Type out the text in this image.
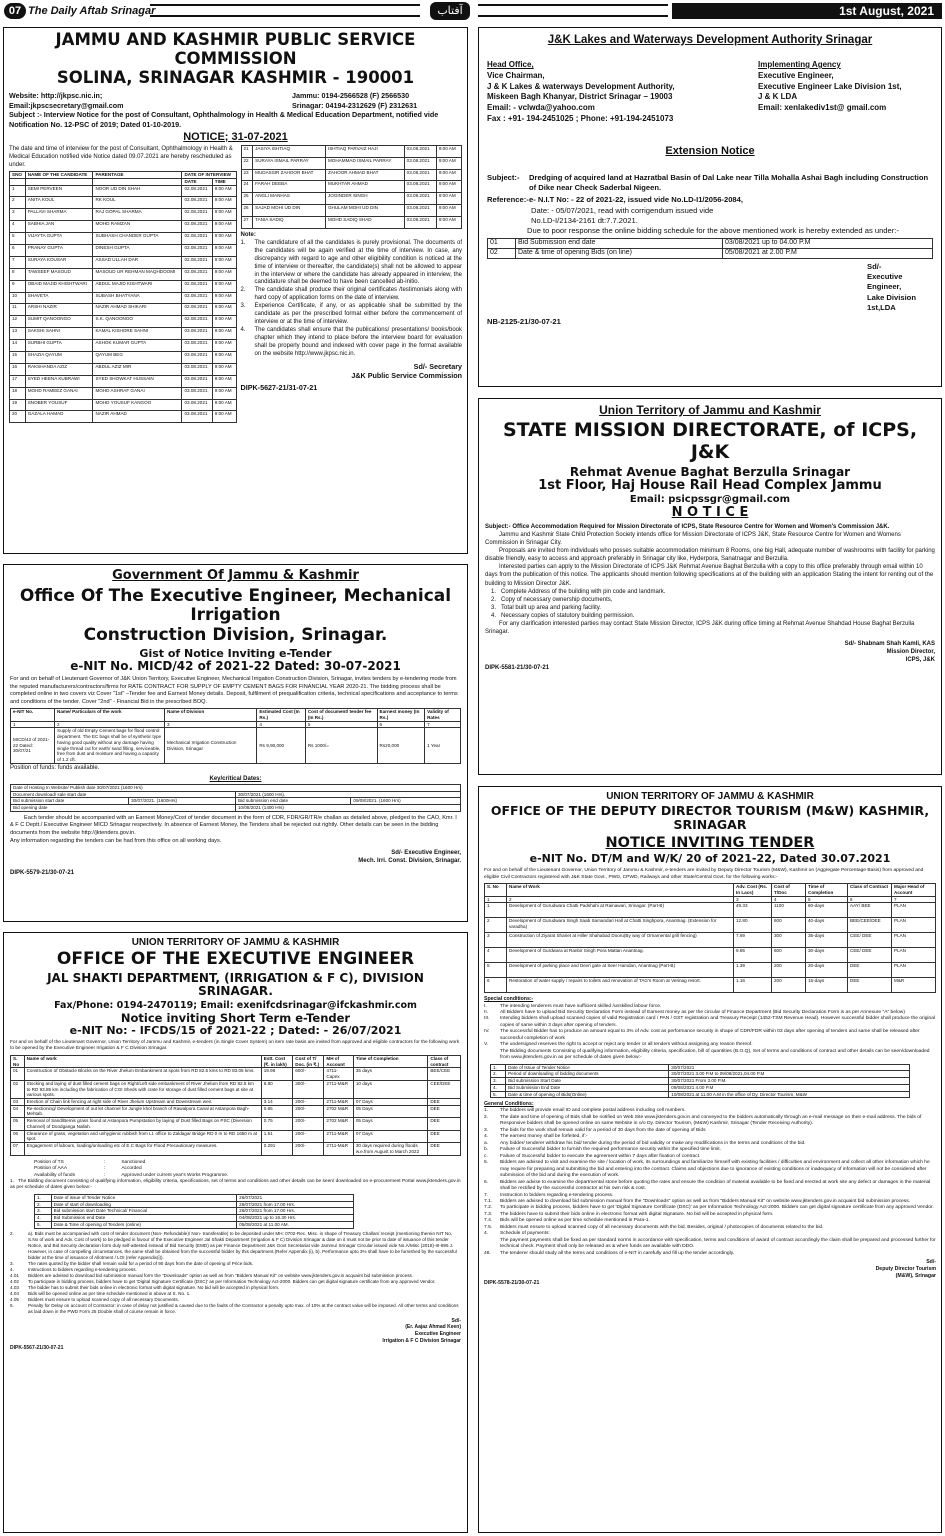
07 The Daily Aftab Srinagar	آفتاب	1st August, 2021
JAMMU AND KASHMIR PUBLIC SERVICE COMMISSION
SOLINA, SRINAGAR KASHMIR - 190001
Website: http://jkpsc.nic.in;	Jammu: 0194-2566528 (F) 2566530
Email:jkpscsecretary@gmail.com	Srinagar: 04194-2312629 (F) 2312631
Subject :- Interview Notice for the post of Consultant, Ophthalmology in Health & Medical Education Department, notified vide Notification No. 12-PSC of 2019; Dated 01-10-2019.
NOTICE; 31-07-2021
The date and time of interview for the post of Consultant, Ophthalmology in Health & Medical Education notified vide Notice dated 09.07.2021 are hereby rescheduled as under.
SNO	NAME OF THE CANDIDATE	PARENTAGE	DATE OF INTERVIEW	
			DATE	TIME
1	SEMI PERVEEN	NOOR UD DIN SHAH	02.08.2021	9:00 AM
2	ANITA KOUL	RK KOUL	02.08.2021	9:00 AM
3	PALLAVI SHARMA	RAJ GOPAL SHARMA	02.08.2021	9:00 AM
4	SABHIA JAN	MOHD RAMZAN	02.08.2021	9:00 AM
5	VIJAYTA GUPTA	SUBHASH CHANDER GUPTA	02.08.2021	9:00 AM
6	PRANAY GUPTA	DINESH GUPTA	02.08.2021	9:00 AM
7	SURAYA KOUSAR	ASSAD ULLAH DAR	02.08.2021	9:00 AM
8	TAWSEEF MASOUD	MASOUD UR REHMAN MAQHDOOMI	02.08.2021	9:00 AM
9	OBAID MAJID KHISHTWARI	ABDUL MAJID KISHTWARI	02.08.2021	9:00 AM
10	SHAVETA	SUBASH BHATYANA	02.08.2021	9:00 AM
11	ARSHI NAZIR	NAZIR AHMAD SHIKARI	02.08.2021	9:00 AM
12	SUMIT QANOONGO	S.K. QANOONGO	02.08.2021	9:00 AM
13	SAKSHI SAHNI	KAMAL KISHORE SAHNI	03.08.2021	9:00 AM
14	SURBHI GUPTA	ASHOK KUMAR GUPTA	03.08.2021	9:00 AM
15	SHAZIA QAYUM	QAYUM BEG	03.08.2021	9:00 AM
16	RAKSHANDA AZIZ	ABDUL AZIZ MIR	03.08.2021	9:00 AM
17	SYED HEENA KUBRAWI	SYED SHOWKAT HUSSAIN	03.08.2021	9:00 AM
18	MOHD RAMEEZ GANAI	MOHD ASHRAF GANAI	03.08.2021	9:00 AM
19	SNOBER YOUSUF	MOHD YOUSUF KANGOO	03.08.2021	9:00 AM
20	GAZALA HAMAD	NAZIR AHMAD	03.08.2021	9:00 AM
21	JASIYA ISHTIAQ	ISHTIAQ PARVAIZ HAJI	03.08.2021	9:00 AM
22	SURAYA ISMAIL PARRAY	MOHAMMAD ISMAIL PARRAY	03.08.2021	9:00 AM
23	MUDASSIR ZAHOOR BHAT	ZAHOOR AHMAD BHAT	03.08.2021	9:00 AM
24	FARAH DEEBA	MUKHTAR AHMAD	03.08.2021	9:00 AM
25	ANGLI MANHAS	JOGINDER SINGH	03.08.2021	9:00 AM
26	SAJAD MOHI UD DIN	GHULAM MOHI UD DIN	03.08.2021	9:00 AM
27	TANIA SADIQ	MOHD SADIQ SHAD	03.08.2021	9:00 AM
Note:
1.	The candidature of all the candidates is purely provisional. The documents of the candidates will be again verified at the time of interview. In case, any discrepancy with regard to age and other eligibility condition is noticed at the time of interview or thereafter, the candidate(s) shall not be allowed to appear in the interview or where the candidate has already appeared in interview, the candidature shall be deemed to have been cancelled ab-initio.
2.	The candidate shall produce their original certificates /testimonials along with hard copy of application forms on the date of interview.
3.	Experience Certificate, if any, or as applicable shall be submitted by the candidate as per the prescribed format either before the commencement of interview or at the time of interview.
4.	The candidates shall ensure that the publications/ presentations/ books/book chapter which they intend to place before the interview board for evaluation shall be properly bound and indexed with cover page in the format available on the website http://www.jkpsc.nic.in.
Sd/- Secretary
J&K Public Service Commission
DIPK-5627-21/31-07-21
J&K Lakes and Waterways Development Authority Srinagar
Head Office,
Vice Chairman,
J & K Lakes & waterways Development Authority,
Miskeen Bagh Khanyar, District Srinagar – 19003
Email: - vclwda@yahoo.com
Fax : +91- 194-2451025 ; Phone: +91-194-2451073
Implementing Agency
Executive Engineer,
Executive Engineer Lake Division 1st,
J & K LDA
Email: xenlakediv1st@ gmail.com
Extension Notice
Subject:-	Dredging of acquired land at Hazratbal Basin of Dal Lake near Tilla Mohalla Ashai Bagh including Construction of Dike near Check Saderbal Nigeen.
Reference:- e- N.I.T No: - 22 of 2021-22, issued vide No.LD-I1/2056-2084,
Date: - 05/07/2021, read with corrigendum issued vide
No.LD-I/2134-2161 dt:7.7.2021.
Due to poor response the online bidding schedule for the above mentioned work is hereby extended as under:-
01	Bid Submission end date	03/08/2021 up to 04.00 P.M
02	Date & time of opening Bids (on line)	05/08/2021 at 2.00 P.M
Sd/-
Executive Engineer,
Lake Division 1st,LDA
NB-2125-21/30-07-21
Union Territory of Jammu and Kashmir
STATE MISSION DIRECTORATE, of ICPS, J&K
Rehmat Avenue Baghat Berzulla Srinagar
1st Floor, Haj House Rail Head Complex Jammu
Email: psicpssgr@gmail.com
N O T I C E
Subject:- Office Accommodation Required for Mission Directorate of ICPS, State Resource Centre for Women and Women's Commission J&K.
Jammu and Kashmir State Child Protection Society intends office for Mission Directorate of ICPS J&K, State Resource Centre for Women and Womens Commission in Srinagar City.
Proposals are invited from individuals who posses suitable accommodation minimum 8 Rooms, one big Hall, adequate number of washrooms with facility for parking disable friendly, easy to access and approach preferably in Srinagar city like, Hyderpora, Sanatnagar and Berzulla.
Interested parties can apply to the Mission Directorate of ICPS J&K Rehmat Avenue Baghat Berzulla with a copy to this office preferably through email within 10 days from the publication of this notice. The applicants should mention following specifications at of the building with an application Stating the intent for renting out of the building to Mission Director J&K.
1.   Complete Address of the building with pin code and landmark.
2.   Copy of necessary ownership documents,
3.   Total built up area and parking facility.
4.   Necessary copies of statutory building permission.
For any clarification interested parties may contact State Mission Director, ICPS J&K during office timing at Rehmat Avenue Shahdad House Baghat Berzulla Srinagar.
Sd/- Shabnam Shah Kamli, KAS
Mission Director,
ICPS, J&K
DIPK-5581-21/30-07-21
Government Of Jammu & Kashmir
Office Of The Executive Engineer, Mechanical Irrigation
Construction Division, Srinagar.
Gist of Notice Inviting e-Tender
e-NIT No. MICD/42 of 2021-22 Dated: 30-07-2021
For and on behalf of Lieutenant Governor of J&K Union Territory, Executive Engineer, Mechanical Irrigation Construction Division, Srinagar, invites tenders by e-tendering mode from the reputed manufacturers/contractors/firms for RATE CONTRACT FOR SUPPLY OF EMPTY CEMENT BAGS FOR FINANCIAL YEAR 2020-21. The bidding process shall be completed online in two covers viz Cover "1st" –Tender fee and Earnest Money details. Deposit, fulfilment of prequalification criteria, technical specifications and acceptance to terms and conditions of the tender. Cover "2nd" - Financial Bid in the prescribed BOQ.
e-NIT No.	Name/ Particulars of the work	Name of Division	Estimated Cost (In Rs.)	Cost of document/ tender fee (In Rs.)	Earnest money (In Rs.)	Validity of Rates
1	2	3	4	5	6	7
MICD/42 of 2021-22 Dated: 30/07/21	Supply of old Empty Cement bags for flood control department. The EC bags shall be of synthetic type having good quality without any damage having single thread cut for earth/ sand filling, serviceable, free from dust and moisture and having a capacity of 1.2 cft.	Mechanical Irrigation Construction Division, Srinagar	Rs 9,90,000	Rs 1000/=	Rs20,000	1 Year
Position of funds: funds available.
Key/critical Dates:
Date of Hosting In Website/ Publish date 30/07/2021 (1600 Hrs)			
Document download/ sale start date		30/07/2021 (1600 Hrs).	
Bid submission start date	30/07/2021. (1600Hrs)	Bid submission end date	09/08/2021. (1600 Hrs)
Bid opening date		10/08/2021 (1400 Hrs)	
Each tender should be accompanied with an Earnest Money/Cost of tender document in the form of CDR, FDR/GR/TR/e challan as detailed above, pledged to the CAO, Kmr. I & F C Deptt./ Executive Engineer MICD Srinagar respectively. In absence of Earnest Money, the Tenders shall be rejected out rightly. Other details can be seen in the bidding documents from the website http://jktenders.gov.in.
Any information regarding the tenders can be had from this office on all working days.
Sd/- Executive Engineer,
Mech. Irri. Const. Division, Srinagar.
DIPK-5579-21/30-07-21
UNION TERRITORY OF JAMMU & KASHMIR
OFFICE OF THE EXECUTIVE ENGINEER
JAL SHAKTI DEPARTMENT, (IRRIGATION & F C), DIVISION SRINAGAR.
Fax/Phone: 0194-2470119; Email: exenifcdsrinagar@ifckashmir.com
Notice inviting Short Term e-Tender
e-NIT No: - IFCDS/15 of 2021-22 ; Dated: - 26/07/2021
For and on behalf of the Lieutenant Governor, Union Territory of Jammu and Kashmir, e-tenders (in Single Cover System) on item rate basis are invited from approved and eligible contractors for the following work to be opened by the Executive Engineer Irrigation & F C Division Srinagar.
S. No	Name of work	Estt. Cost (₹. in lakh)	Cost of T/ Doc. (in ₹.)	MH of Account	Time of Completion	Class of contract
01	Construction of Obstacle Blocks on the River Jhelum Embankment at spots from RD 82.5 kms to RD 83.05 kms.	19.98	600/-	4711-Capex	35 days	BEE/CEE
02	Stocking and laying of dust filled cement bags on Right/Left side embankment of River Jhelum from RD 82.5 km to RD 93.85 km including the fabrication of CGI Sheds with crate for storage of dust filled cement bags at site at various spots.	6.80	300/-	2711-M&R	10 days	CEE/DEE
03	Erection of Chain link fencing at right side of River Jhelum Upstream and Downstream weir.	3.14	200/-	2711-M&R	07 Days	DEE
04	Re-sectioning/ Development of out let channel for Jungle khol branch of Rawalpora Canal at Astanpora Bagh-Mehtab.	0.65	200/-	2702 M&R	05 Days	DEE
05	Removal of Sand/Bemis grass found at Astanpora Pumpstation by laying of Dust filled Bags on PSC (Diversion Channel) of Doodganga Nallah.	0.75	200/-	2702 M&R	05 Days	DEE
06	Clearance of grass, vegetation and unhygienic rubbish from Lt. office to Zaldagar Bridge RD 0 m to RD 1650 m at spot.	1.51	200/-	2711-M&R	07 Days	DEE
07	Engagement of labours, loading/unloading etc of E.C Bags for Flood Precautionary measures.	0.291	200/-	2711-M&R	30 days required during floods w.e.from August to March 2022	DEE
Position of TS	:	Sanctioned
Position of AAA	:	Accorded
Availability of funds	:	Approved under current year's Works Programme.
1.   The Bidding document consisting of qualifying information, eligibility criteria, specifications, set of terms and conditions and other details can be seen/ downloaded on e-procurement Portal www.jktenders.gov.in as per schedule of dates given below:-
1.	Date of issue of Tender Notice	26/07/2021
2.	Date of start of downloading	26/07/2021 from 17.00 Hrs.
3.	Bid submission start Date Technical/ Financial	26/07/2021 from 17.00 Hrs.
4.	Bid Submission end Date	04/08/2021 up to 16.30 Hrs.
5.	Date & Time of opening of Tenders (online)	05/08/2021 at 11.00 AM.
2.	a). Bids must be accompanied with cost of tender document (Non- Refundable)/ Non- transferable) to be deposited under MH: 0702-Rec. Misc. in shape of Treasury Challan/ receipt (mentioning therein NIT No, S.No of work and Adv. Cost of work) to be pledged in favour of the Executive Engineer Jal Shakti Department (Irrigation & F C) Division Srinagar & date on it must not be prior to date of issuance of this tender Notice, and Bid Security declaration form duly self-attested instead of Bid Security (EMD) as per Finance Department J&K Govt Secretariat vide Jammu/ Srinagar Circular issued vide No.A/Misc (2018)-III-895 J. However, in case of compelling circumstances, the same shall be obtained from the successful bidder by this department.(Refer Appendix (i), b). Performance upto 3% shall have to be furnished by the successful bidder at the time of issuance of Allotment / LOI (refer Appendix(i)).
3.	The rates quoted by the bidder shall remain valid for a period of 90 days from the date of opening of Price bids.
4.	Instructions to bidders regarding e-tendering process.
4.01	Bidders are advised to download bid submission manual form the "Downloads" option as well as from "Bidders Manual Kit" on website www.jktenders.gov.in acquaint bid submission process.
4.02	To participate in bidding process, bidders have to get 'Digital Signature Certificate (DSC)' as per Information Technology Act-2000. Bidders can get digital signature certificate from any approved Vendor.
4.03	The bidder has to submit their bids online in electronic format with digital signature. No bid will be accepted in physical form.
4.04	Bids will be opened online as per time schedule mentioned in above at S. No. 1.
4.05	Bidders must ensure to upload scanned copy of all necessary Documents.
5.	Penalty for Delay on account of Contractor: in case of delay not justified & caused due to the faults of the Contractor a penalty upto max. of 10% at the contract value will be imposed. All other terms and conditions as laid down in the PWD Form 25 Double shall of course remain in force.
Sd/-
(Er. Aajaz Ahmad Keen)
Executive Engineer
Irrigation & F C Division Srinagar
DIPK-5567-21/30-07-21
UNION TERRITORY OF JAMMU & KASHMIR
OFFICE OF THE DEPUTY DIRECTOR TOURISM (M&W) KASHMIR, SRINAGAR
NOTICE INVITING TENDER
e-NIT No. DT/M and W/K/ 20 of 2021-22, Dated 30.07.2021
For and on behalf of the Lieutenant Governor, Union Territory of Jammu & Kashmir, e-tenders are invited by Deputy Director Tourism (M&W), Kashmir on (Aggregate Percentage Basis) from approved and eligible Civil Contractors registered with J&K State Govt., PWD, CPWD, Railways and other State/Central Govt. for the following works:-
S. No	Name of Work	Adv. Cost (Rs. In Lacs)	Cost of T/Doc	Time of Completion	Class of Contract	Major Head of Account
1	2	3	4	5	6	7
1	Development of Gurudwara Chatti Padshahi at Rainawari, Srinagar. (Part-B)	49.33	1100	60-days	AAY/ BEE	PLAN
2	Development of Gurudwara Singh Saab Samandari Hall at Chatti Singhpora, Anantnag. (Extension for varadha)	12.80	600	40-days	BEE/CEE/DEE	PLAN
3	Construction of Ziyarat Shariet at Hiller Shahabad Dooru(By way of Ornamental grill fencing)	7.69	300	35-days	CEE/ DEE	PLAN
4	Development of Gurdwara at Ranbir Singh Pora Mattan Anantnag.	9.85	600	30-days	CEE/ DEE	PLAN
5	Development of parking place and Devri gate at Seer Hamdan, Anantnag (Part-B)	1.39	200	20-days	DEE	PLAN
6	Restoration of water supply / repairs to toilets and renovation of TAG's Room at Verinag resort.	1.16	200	15-days	DEE	M&R
Special conditions:-
I.	The intending tenderers must have sufficient skilled /unskilled labour force.
II.	All Bidders have to upload Bid Security Declaration Form instead of Earnest money as per the circular of Finance Department (Bid Security Declaration Form is as per Annexure "A" below)
III.	Intending bidders shall upload scanned copies of valid Registration card / PAN / GST registration and Treasury Receipt (1452-TSM Revenue Head). However successful bidder shall produce the original copies of same within 3 days after opening of tenders.
IV.	The successful Bidder has to produce an amount equal to 3% of Adv. cost as performance security in shape of CDR/FDR within 03 days after opening of tenders and same shall be released after successful completion of work
V.	The undersigned reserves the right to accept or reject any tender or all tenders without assigning any reason thereof.
The Bidding documents Consisting of qualifying information, eligibility criteria, specification, bill of quantities (B.O.Q), Set of terms and conditions of contract and other details can be seen/downloaded from www.jktenders.gov.in as per schedule of dates given below:-
1.	Date of Issue of Tender Notice	30/07/2021
2.	Period of downloading of bidding documents	30/07/2021 3.00 P.M to 09/08/2021,04.00 P.M
3.	Bid submission Start Date	30/07/2021 From 3.00 P.M.
4.	Bid Submission End Date	09/08/2021 4.00 P.M
5.	Date & time of opening of Bids(Online)	10/08/2021 at 11.00 A.M in the office of Dy. Director Tourism, M&W
General Conditions:
1.	The bidders will provide email ID and complete postal address including cell numbers.
2.	The date and time of opening of Bids shall be notified on Web Site www.jktenders.gov.in and conveyed to the bidders automatically through an e-mail message on their e-mail address. The bids of Responsive bidders shall be opened online on same Website in o/o Dy. Director Tourism, (M&W) Kashmir, Srinagar (Tender Receiving Authority).
3.	The bids for the work shall remain valid for a period of 30 days from the date of opening of Bids
4.	The earnest money shall be forfeited, if:-
a.	Any bidder/ tenderer withdraw his bid/ tender during the period of bid validity or make any modifications in the terms and conditions of the bid.
b.	Failure of Successful bidder to furnish the required performance security within the specified time limit.
c.	Failure of Successful bidder to execute the agreement within 7 days after fixation of contract.
5.	Bidders are advised to visit and examine the site / location of work, its surroundings and familiarize himself with existing facilities / difficulties and environment and collect all other information which he may require for preparing and submitting the bid and entering into the contract. Claims and objections due to ignorance of existing conditions or inadequacy of information will not be considered after submission of the bid and during the execution of work.
6.	Bidders are advise to examine the departmental stone before quoting the rates and ensure the condition of material available to be fixed and erected at work site any defect or damages in the material shall be rectified by the successful contractor at his own risk & cost.
7.	Instruction to bidders regarding e-tendering process.
7.1.	Bidders are advised to download bid submission manual from the "Downloads" option as well as from "Bidders Manual Kit" on website www.jktenders.gov.in acquaint bid submission process.
7.2.	To participate in bidding process, bidders have to get 'Digital Signature Certificate (DSC)' as per Information Technology Act-2000. Bidders can get digital signature certificate from any approved Vendor.
7.3.	The bidders have to submit their bids online in electronic format with digital Signature. No bid will be accepted in physical form.
7.4.	Bids will be opened online as per time schedule mentioned in Para-1.
7.5.	Bidders must ensure to upload scanned copy of all necessary documents with the bid. Besides, original / photocopies of documents related to the bid.
4.	Schedule of payments:
The payment payments shall be fixed as per standard norms in accordance with specification, terms and conditions of award of contract accordingly the claim shall be prepared and processed further for technical check. Payment shall only be released as & when funds are available with DDO.
48.	The tenderer should study all the terms and conditions of e-NIT in carefully and fill up the tender accordingly.
Sd/-
Deputy Director Tourism
(M&W), Srinagar
DIPK-5578-21/30-07-21
